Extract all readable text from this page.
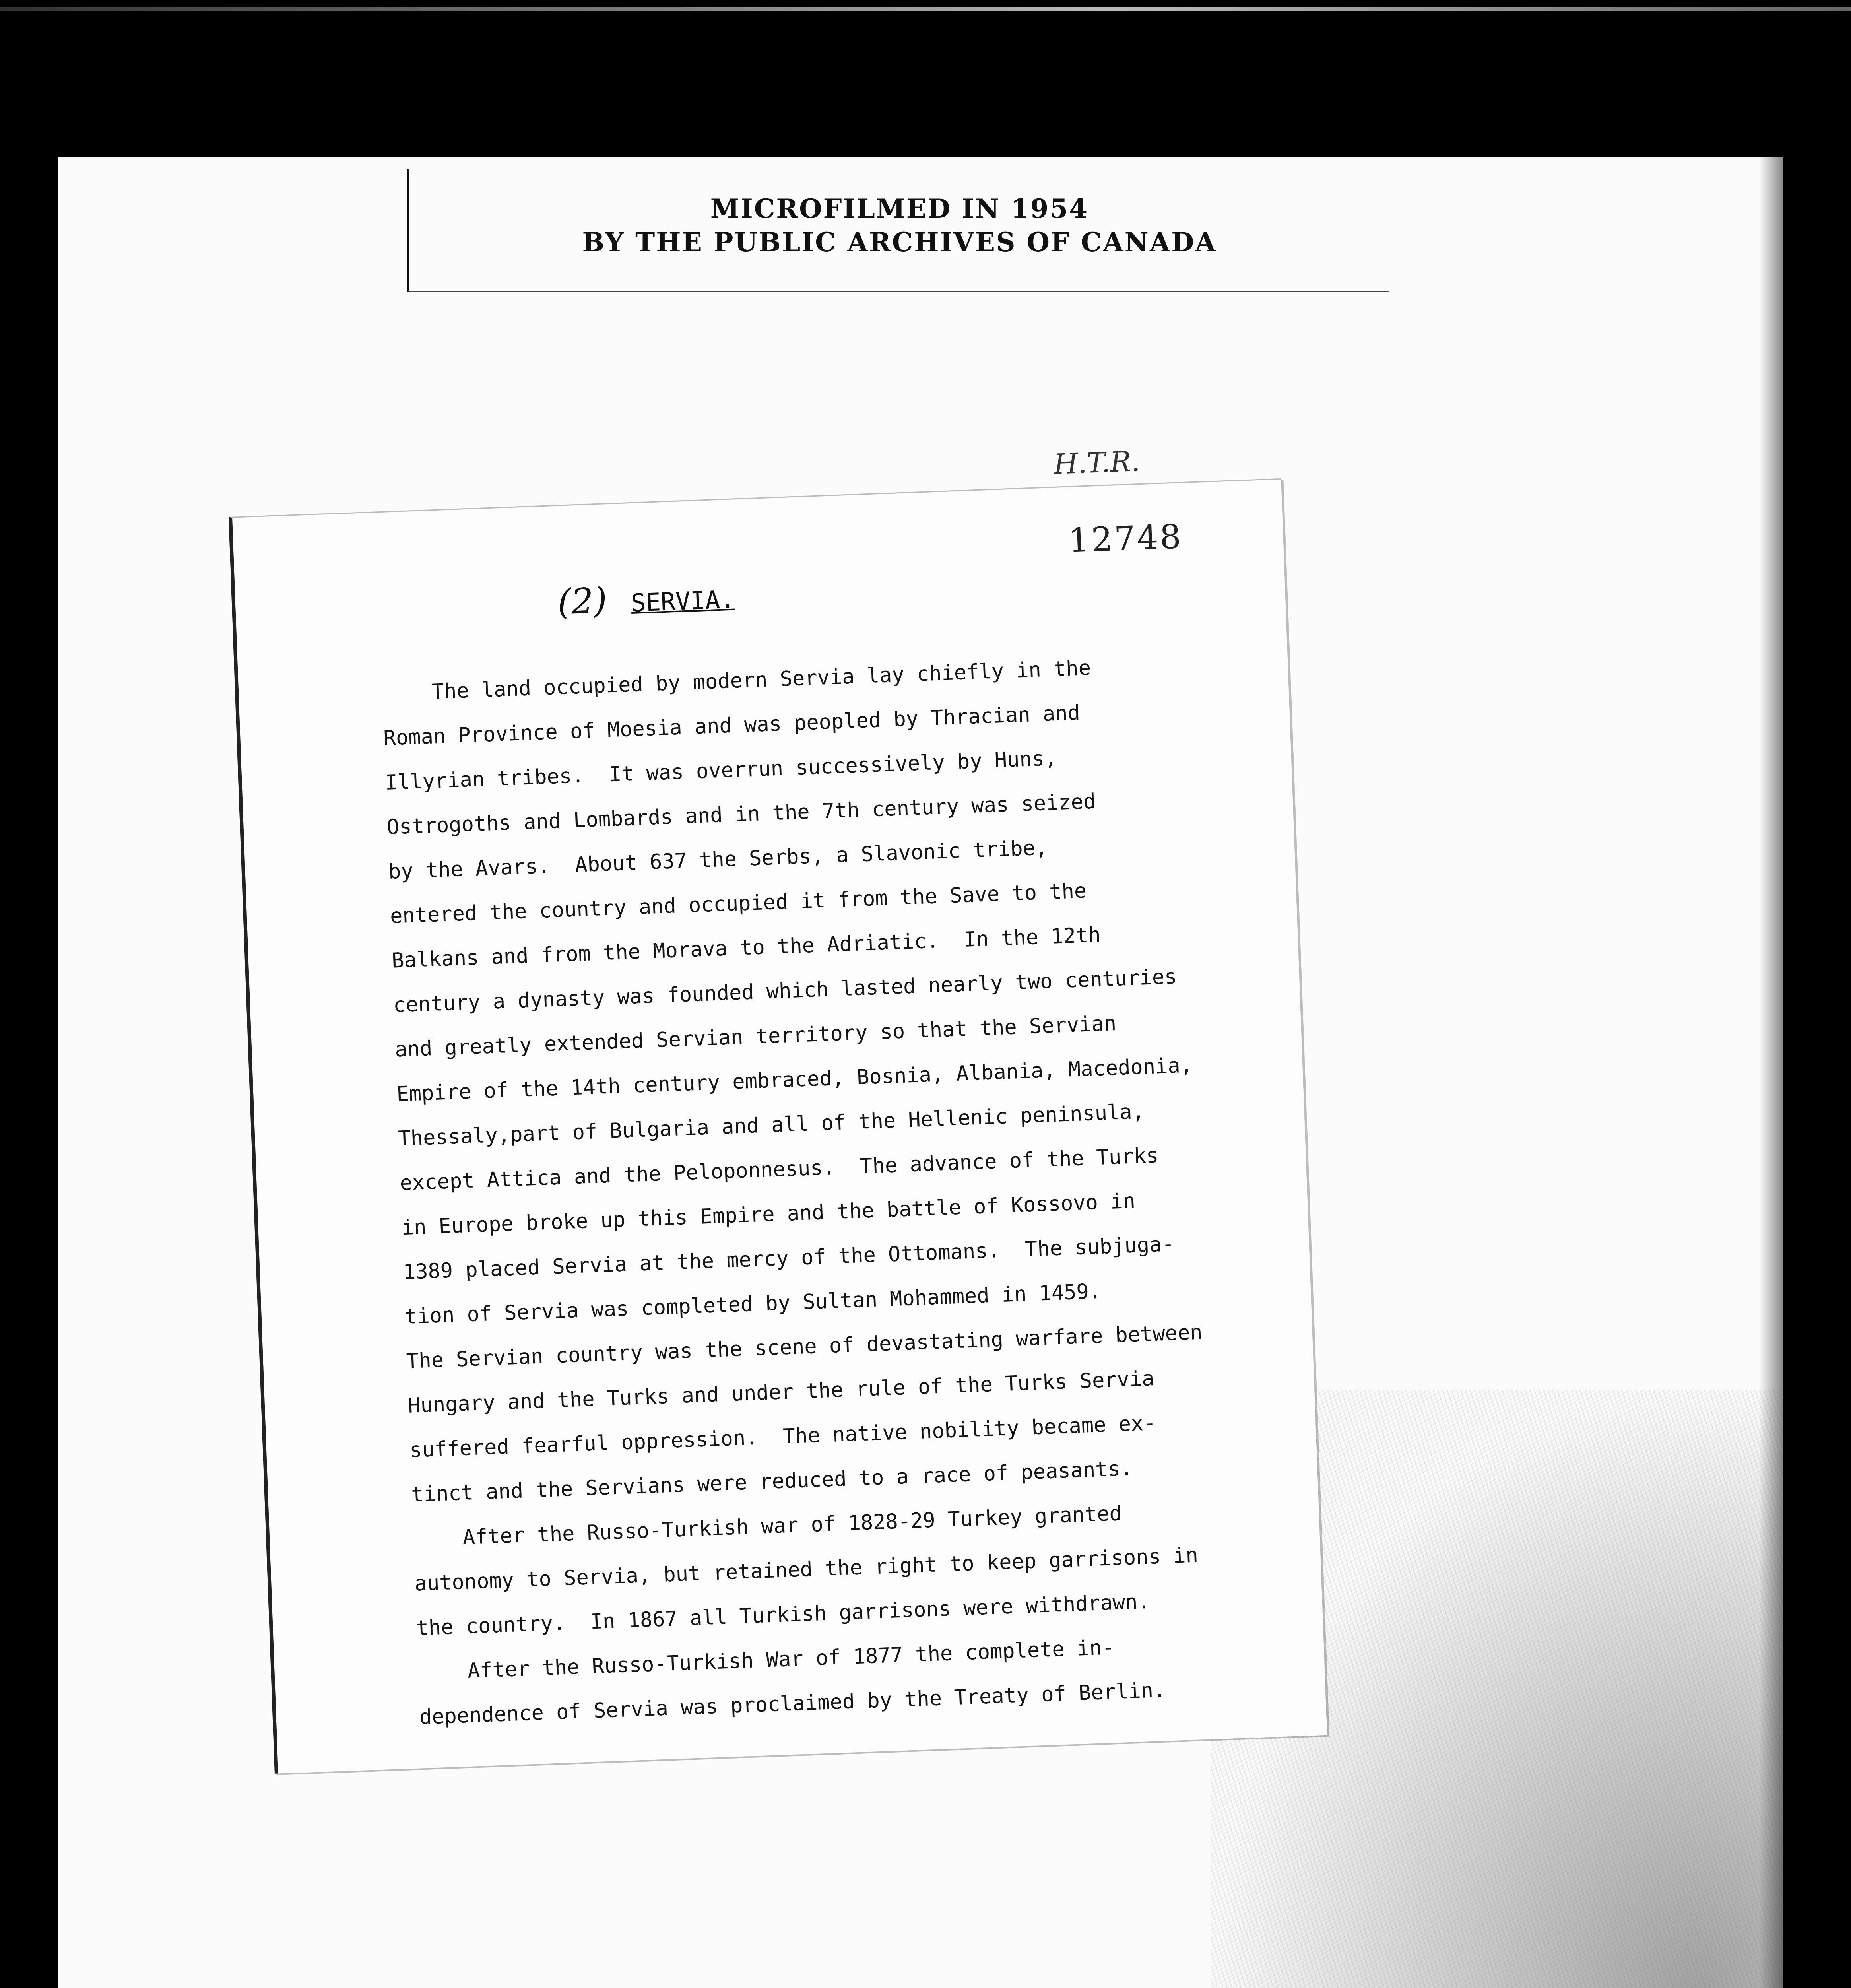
MICROFILMED IN 1954
BY THE PUBLIC ARCHIVES OF CANADA
H.T.R.
12748
(2) SERVIA.
The land occupied by modern Servia lay chiefly in the
Roman Province of Moesia and was peopled by Thracian and
Illyrian tribes.  It was overrun successively by Huns,
Ostrogoths and Lombards and in the 7th century was seized
by the Avars.  About 637 the Serbs, a Slavonic tribe,
entered the country and occupied it from the Save to the
Balkans and from the Morava to the Adriatic.  In the 12th
century a dynasty was founded which lasted nearly two centuries
and greatly extended Servian territory so that the Servian
Empire of the 14th century embraced, Bosnia, Albania, Macedonia,
Thessaly,part of Bulgaria and all of the Hellenic peninsula,
except Attica and the Peloponnesus.  The advance of the Turks
in Europe broke up this Empire and the battle of Kossovo in
1389 placed Servia at the mercy of the Ottomans.  The subjuga-
tion of Servia was completed by Sultan Mohammed in 1459.
The Servian country was the scene of devastating warfare between
Hungary and the Turks and under the rule of the Turks Servia
suffered fearful oppression.  The native nobility became ex-
tinct and the Servians were reduced to a race of peasants.
After the Russo-Turkish war of 1828-29 Turkey granted
autonomy to Servia, but retained the right to keep garrisons in
the country.  In 1867 all Turkish garrisons were withdrawn.
After the Russo-Turkish War of 1877 the complete in-
dependence of Servia was proclaimed by the Treaty of Berlin.
